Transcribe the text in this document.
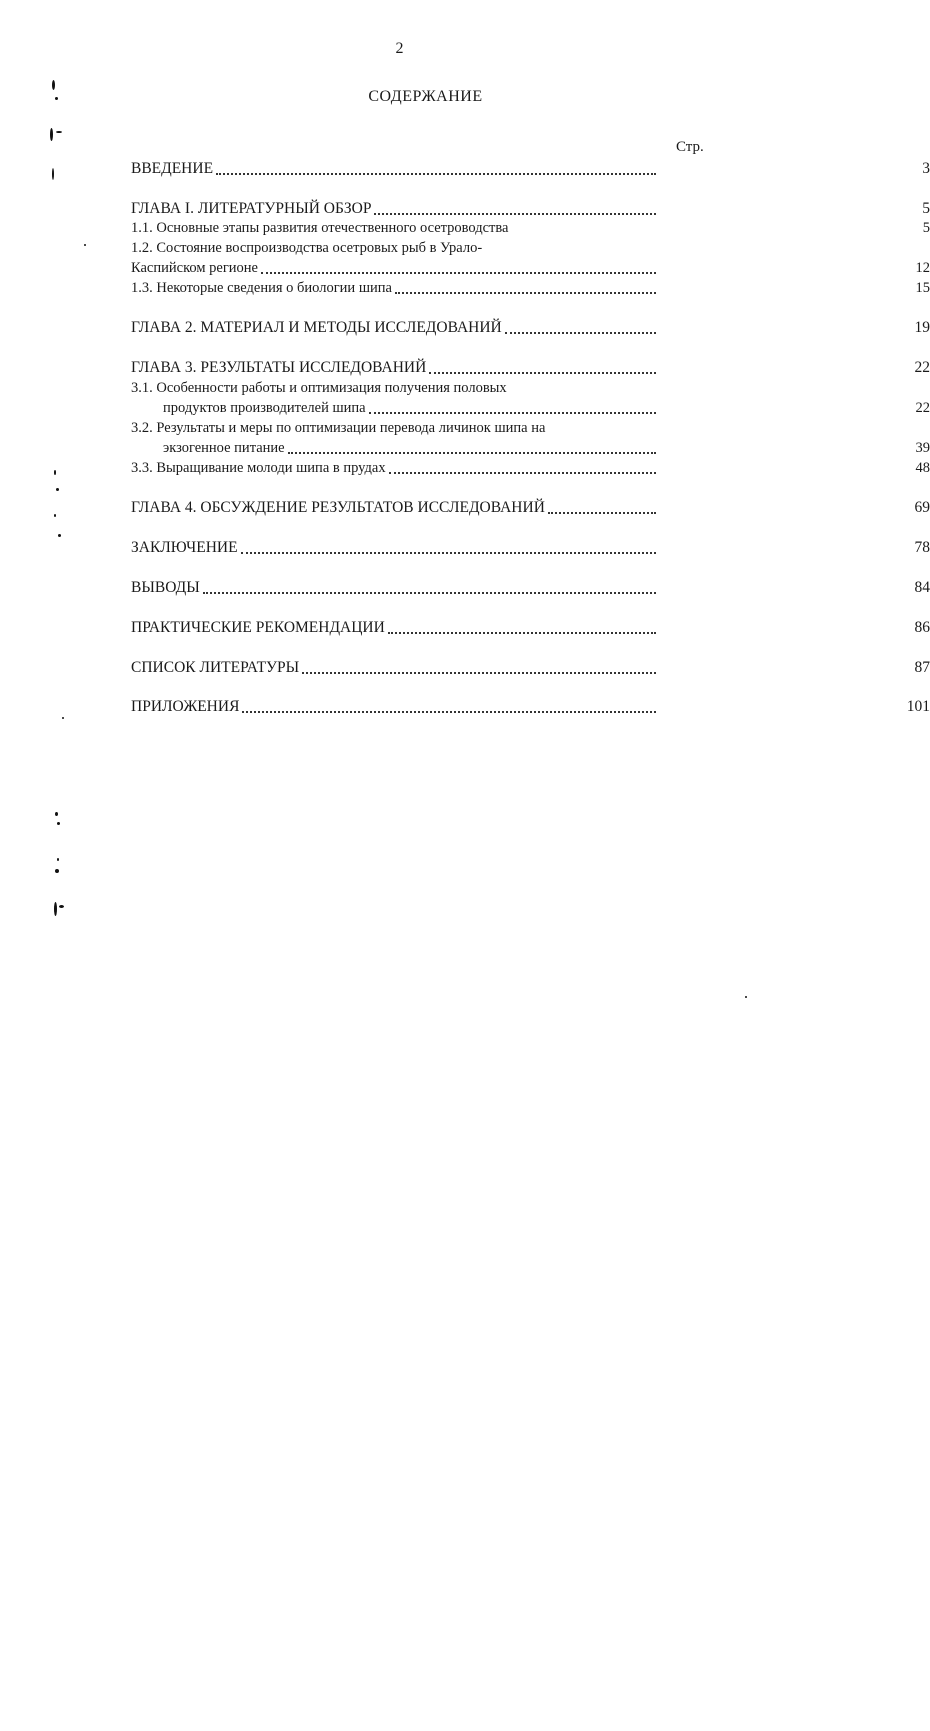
2
СОДЕРЖАНИЕ
Стр.
ВВЕДЕНИЕ	3
ГЛАВА I. ЛИТЕРАТУРНЫЙ ОБЗОР	5
1.1. Основные этапы развития отечественного осетроводства	5
1.2. Состояние воспроизводства осетровых рыб в Урало-
Каспийском регионе	12
1.3. Некоторые сведения о биологии шипа	15
ГЛАВА 2. МАТЕРИАЛ И МЕТОДЫ ИССЛЕДОВАНИЙ	19
ГЛАВА 3. РЕЗУЛЬТАТЫ ИССЛЕДОВАНИЙ	22
3.1. Особенности работы и оптимизация получения половых
продуктов производителей шипа	22
3.2. Результаты и меры по оптимизации перевода личинок шипа на
экзогенное питание	39
3.3. Выращивание молоди шипа в прудах	48
ГЛАВА 4. ОБСУЖДЕНИЕ РЕЗУЛЬТАТОВ ИССЛЕДОВАНИЙ	69
ЗАКЛЮЧЕНИЕ	78
ВЫВОДЫ	84
ПРАКТИЧЕСКИЕ РЕКОМЕНДАЦИИ	86
СПИСОК ЛИТЕРАТУРЫ	87
ПРИЛОЖЕНИЯ	101
